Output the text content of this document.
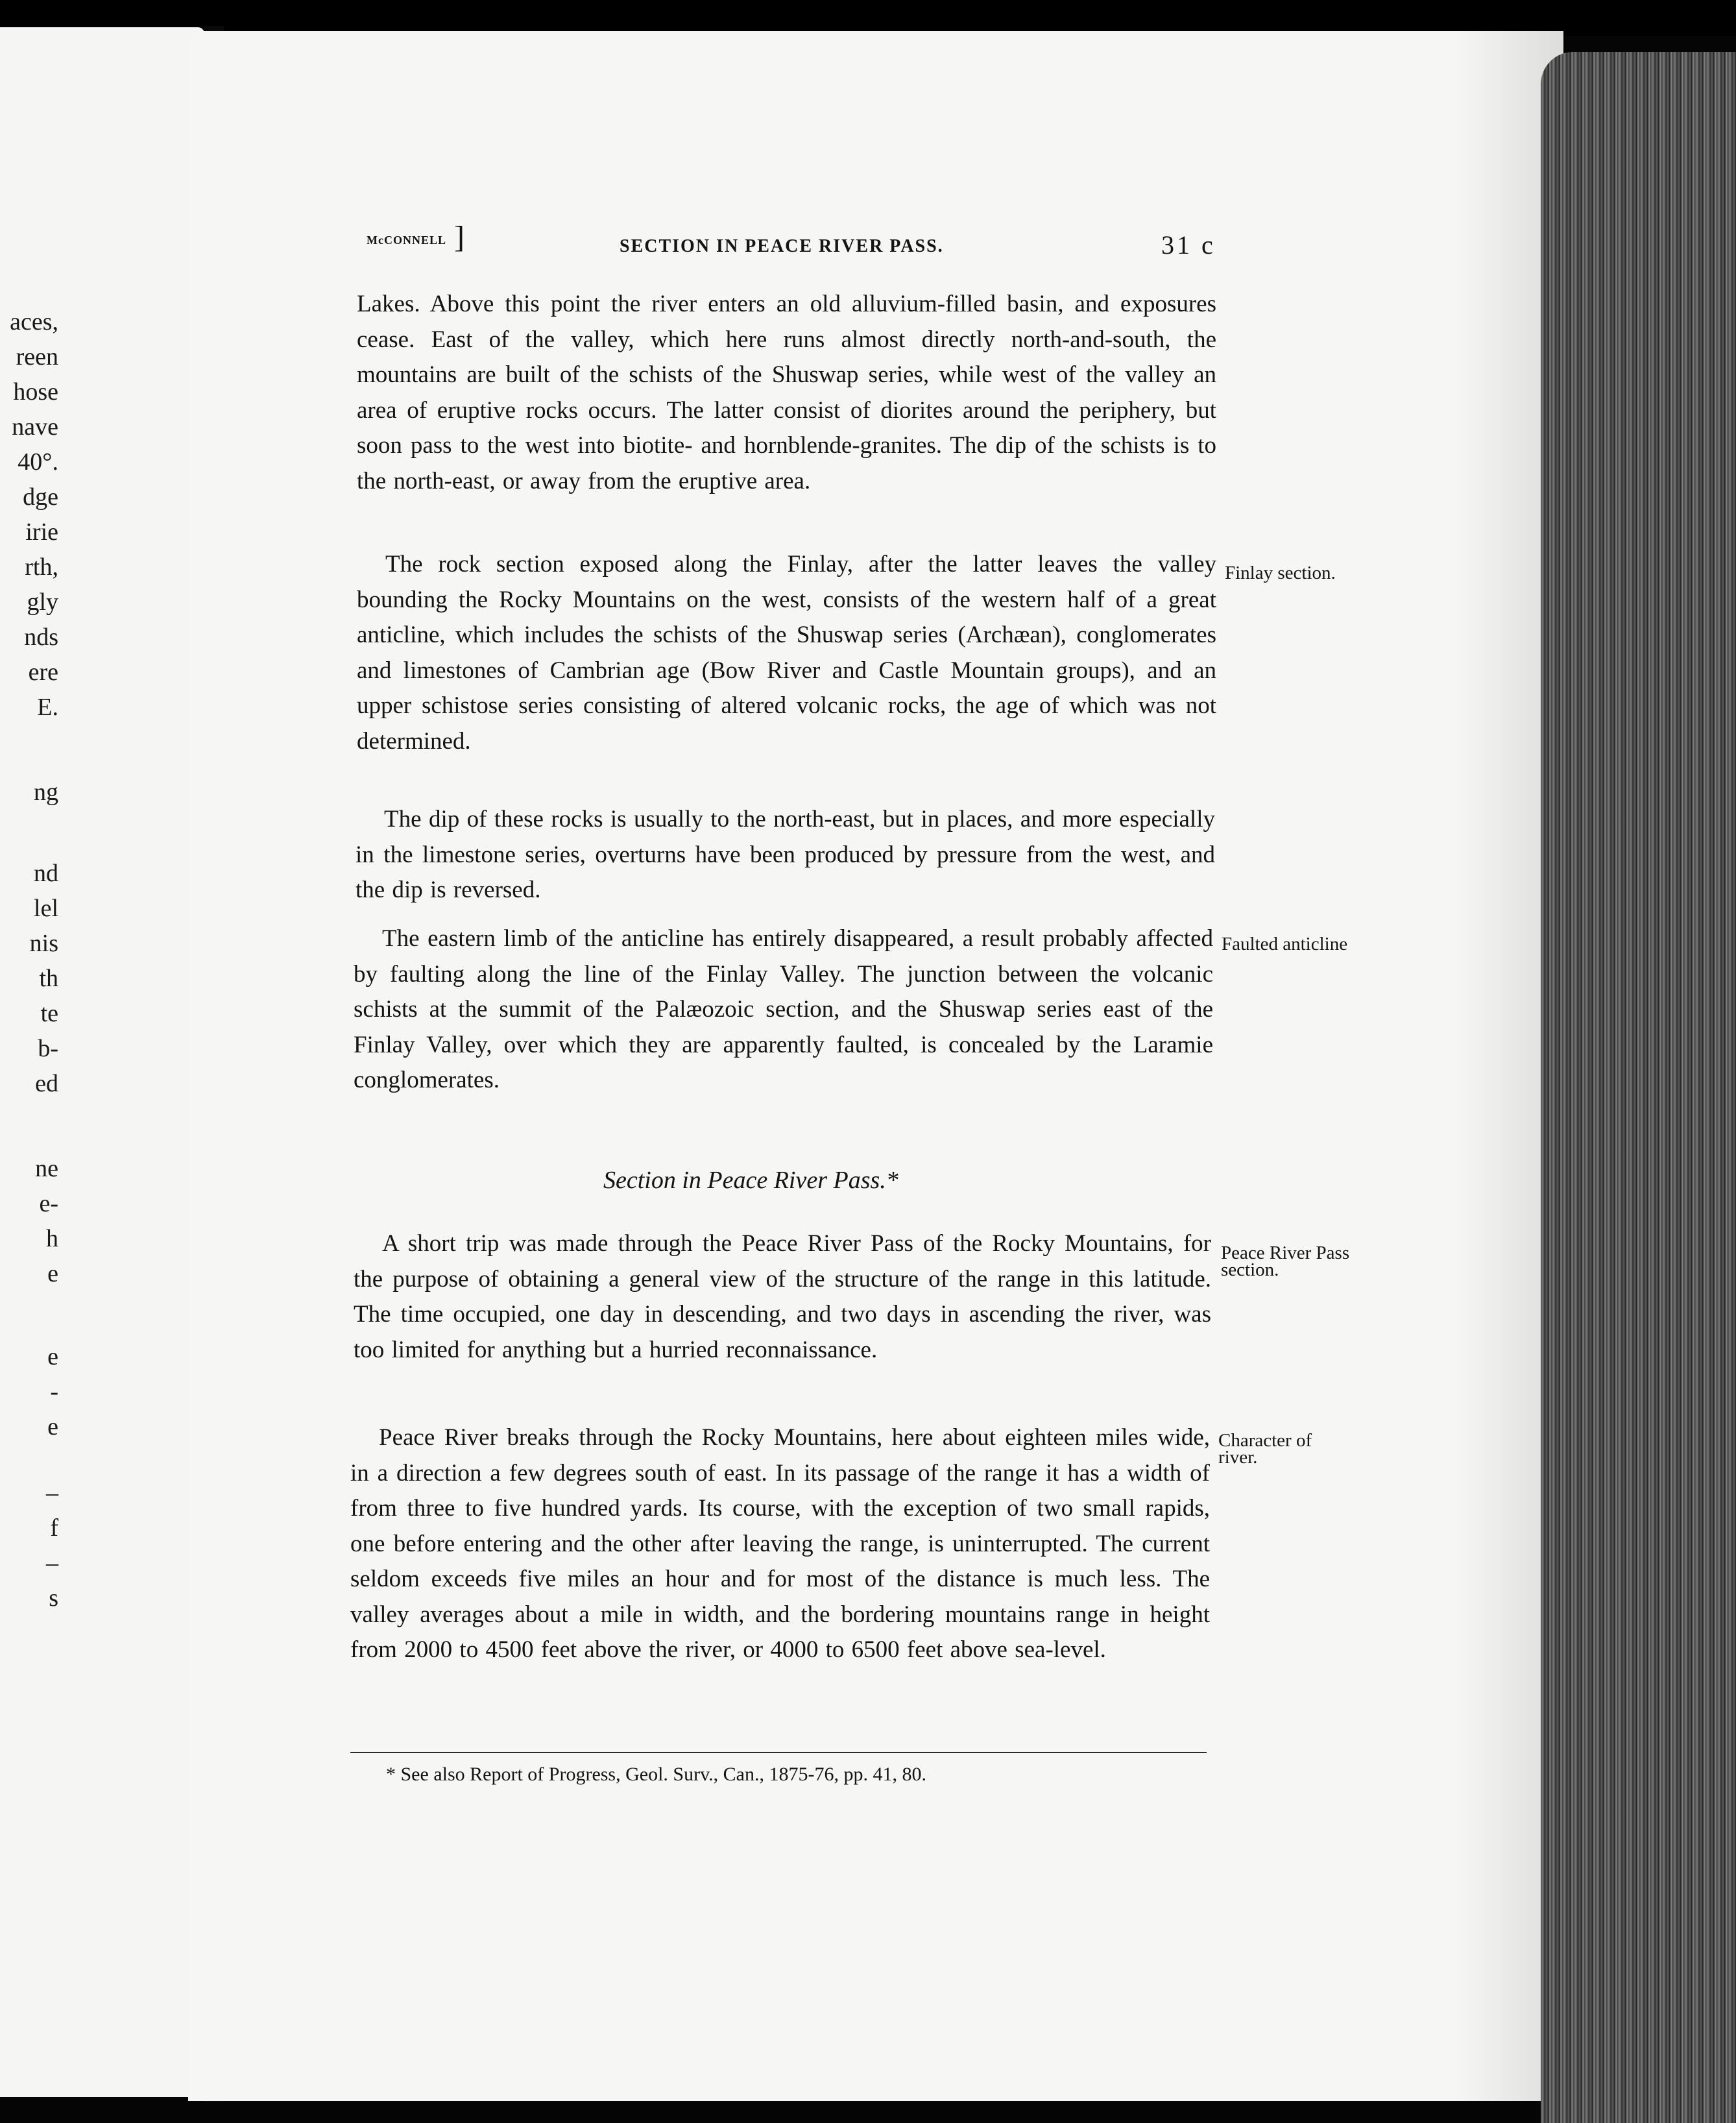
aces,
reen
hose
nave
40°.
dge
irie
rth,
gly
nds
ere
E.
ng
nd
lel
nis
th
te
b-
ed
ne
e-
h
e
e
-
e
–
f
–
s
McCONNELL ]	SECTION IN PEACE RIVER PASS.	31 c
Lakes. Above this point the river enters an old alluvium-filled basin, and exposures cease. East of the valley, which here runs almost directly north-and-south, the mountains are built of the schists of the Shuswap series, while west of the valley an area of eruptive rocks occurs. The latter consist of diorites around the periphery, but soon pass to the west into biotite- and hornblende-granites. The dip of the schists is to the north-east, or away from the eruptive area.
The rock section exposed along the Finlay, after the latter leaves the valley bounding the Rocky Mountains on the west, consists of the western half of a great anticline, which includes the schists of the Shuswap series (Archæan), conglomerates and limestones of Cambrian age (Bow River and Castle Mountain groups), and an upper schistose series consisting of altered volcanic rocks, the age of which was not determined.
The dip of these rocks is usually to the north-east, but in places, and more especially in the limestone series, overturns have been produced by pressure from the west, and the dip is reversed.
The eastern limb of the anticline has entirely disappeared, a result probably affected by faulting along the line of the Finlay Valley. The junction between the volcanic schists at the summit of the Palæozoic section, and the Shuswap series east of the Finlay Valley, over which they are apparently faulted, is concealed by the Laramie conglomerates.
Section in Peace River Pass.*
A short trip was made through the Peace River Pass of the Rocky Mountains, for the purpose of obtaining a general view of the structure of the range in this latitude. The time occupied, one day in descending, and two days in ascending the river, was too limited for anything but a hurried reconnaissance.
Peace River breaks through the Rocky Mountains, here about eighteen miles wide, in a direction a few degrees south of east. In its passage of the range it has a width of from three to five hundred yards. Its course, with the exception of two small rapids, one before entering and the other after leaving the range, is uninterrupted. The current seldom exceeds five miles an hour and for most of the distance is much less. The valley averages about a mile in width, and the bordering mountains range in height from 2000 to 4500 feet above the river, or 4000 to 6500 feet above sea-level.
Finlay section.
Faulted anticline
Peace River Pass section.
Character of river.
* See also Report of Progress, Geol. Surv., Can., 1875-76, pp. 41, 80.
